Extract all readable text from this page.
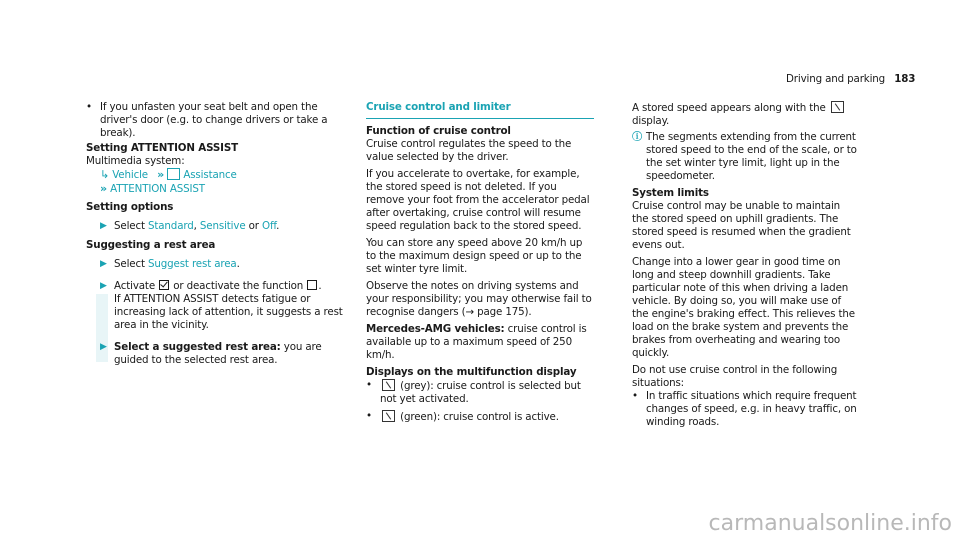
Driving and parking 183
• If you unfasten your seat belt and open the driver's door (e.g. to change drivers or take a break).

Setting ATTENTION ASSIST

Multimedia system:

↳ Vehicle » Assistance
» ATTENTION ASSIST

Setting options

▶ Select Standard, Sensitive or Off.

Suggesting a rest area

▶ Select Suggest rest area.
▶ Activate or deactivate the function .

If ATTENTION ASSIST detects fatigue or increasing lack of attention, it suggests a rest area in the vicinity.

▶ Select a suggested rest area: you are guided to the selected rest area.

Cruise control and limiter

Function of cruise control

Cruise control regulates the speed to the value selected by the driver.

If you accelerate to overtake, for example, the stored speed is not deleted. If you remove your foot from the accelerator pedal after overtaking, cruise control will resume speed regulation back to the stored speed.

You can store any speed above 20 km/h up to the maximum design speed or up to the set winter tyre limit.

Observe the notes on driving systems and your responsibility; you may otherwise fail to recognise dangers (→ page 175).

Mercedes-AMG vehicles: cruise control is available up to a maximum speed of 250 km/h.

Displays on the multifunction display

•	(grey): cruise control is selected but not yet activated.
•	(green): cruise control is active.

A stored speed appears along with the  display.

ⓘ The segments extending from the current stored speed to the end of the scale, or to the set winter tyre limit, light up in the speedometer.

System limits

Cruise control may be unable to maintain the stored speed on uphill gradients. The stored speed is resumed when the gradient evens out.

Change into a lower gear in good time on long and steep downhill gradients. Take particular note of this when driving a laden vehicle. By doing so, you will make use of the engine's braking effect. This relieves the load on the brake system and prevents the brakes from overheating and wearing too quickly.

Do not use cruise control in the following situations:

• In traffic situations which require frequent changes of speed, e.g. in heavy traffic, on winding roads.

carmanualsonline.info
